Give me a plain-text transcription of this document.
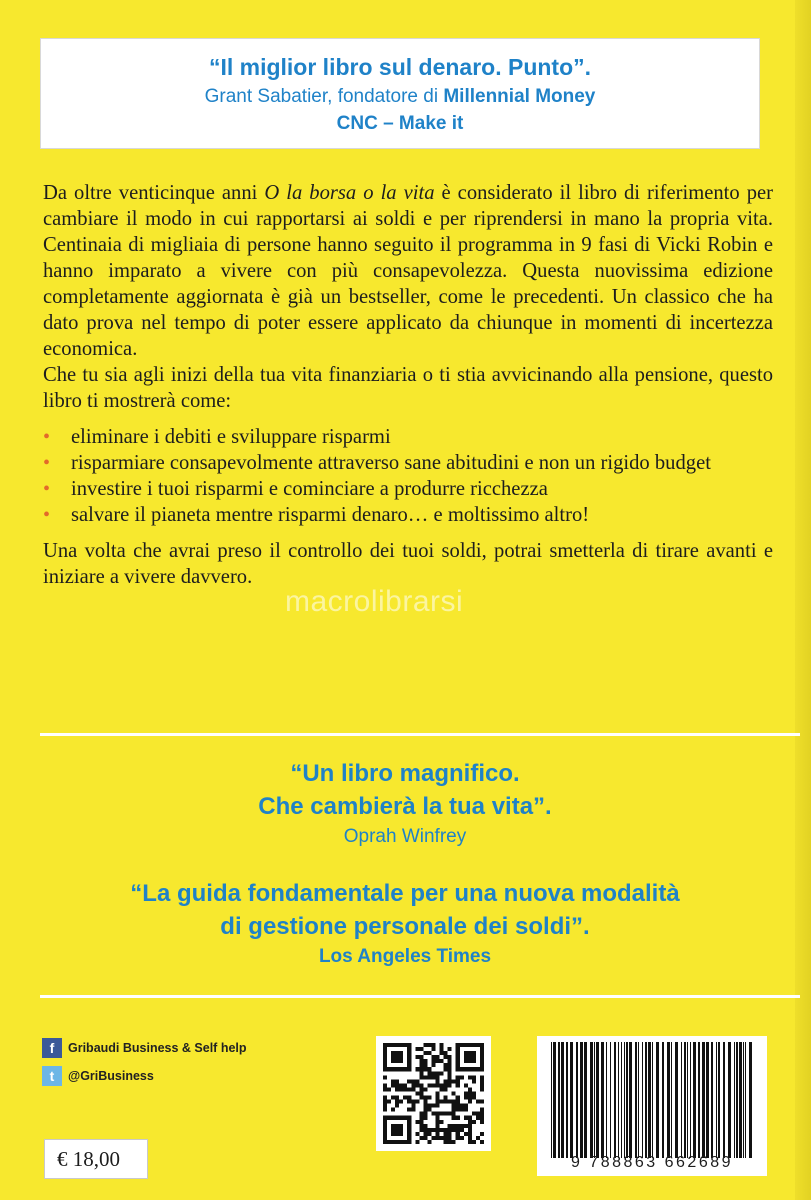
“Il miglior libro sul denaro. Punto”.
Grant Sabatier, fondatore di Millennial Money
CNC – Make it

Da oltre venticinque anni O la borsa o la vita è considerato il libro di riferimento per cambiare il modo in cui rapportarsi ai soldi e per riprendersi in mano la propria vita. Centinaia di migliaia di persone hanno seguito il programma in 9 fasi di Vicki Robin e hanno imparato a vivere con più consapevolezza. Questa nuovissima edizione completamente aggiornata è già un bestseller, come le precedenti. Un classico che ha dato prova nel tempo di poter essere applicato da chiunque in momenti di incertezza economica.

Che tu sia agli inizi della tua vita finanziaria o ti stia avvicinando alla pensione, questo libro ti mostrerà come:

• eliminare i debiti e sviluppare risparmi
• risparmiare consapevolmente attraverso sane abitudini e non un rigido budget
• investire i tuoi risparmi e cominciare a produrre ricchezza
• salvare il pianeta mentre risparmi denaro… e moltissimo altro!

Una volta che avrai preso il controllo dei tuoi soldi, potrai smetterla di tirare avanti e iniziare a vivere davvero.

macrolibrarsi
“Un libro magnifico.
Che cambierà la tua vita”.
Oprah Winfrey
“La guida fondamentale per una nuova modalità
di gestione personale dei soldi”.
Los Angeles Times
f	Gribaudi Business & Self help
t	@GriBusiness
€ 18,00	9 788863 662689
